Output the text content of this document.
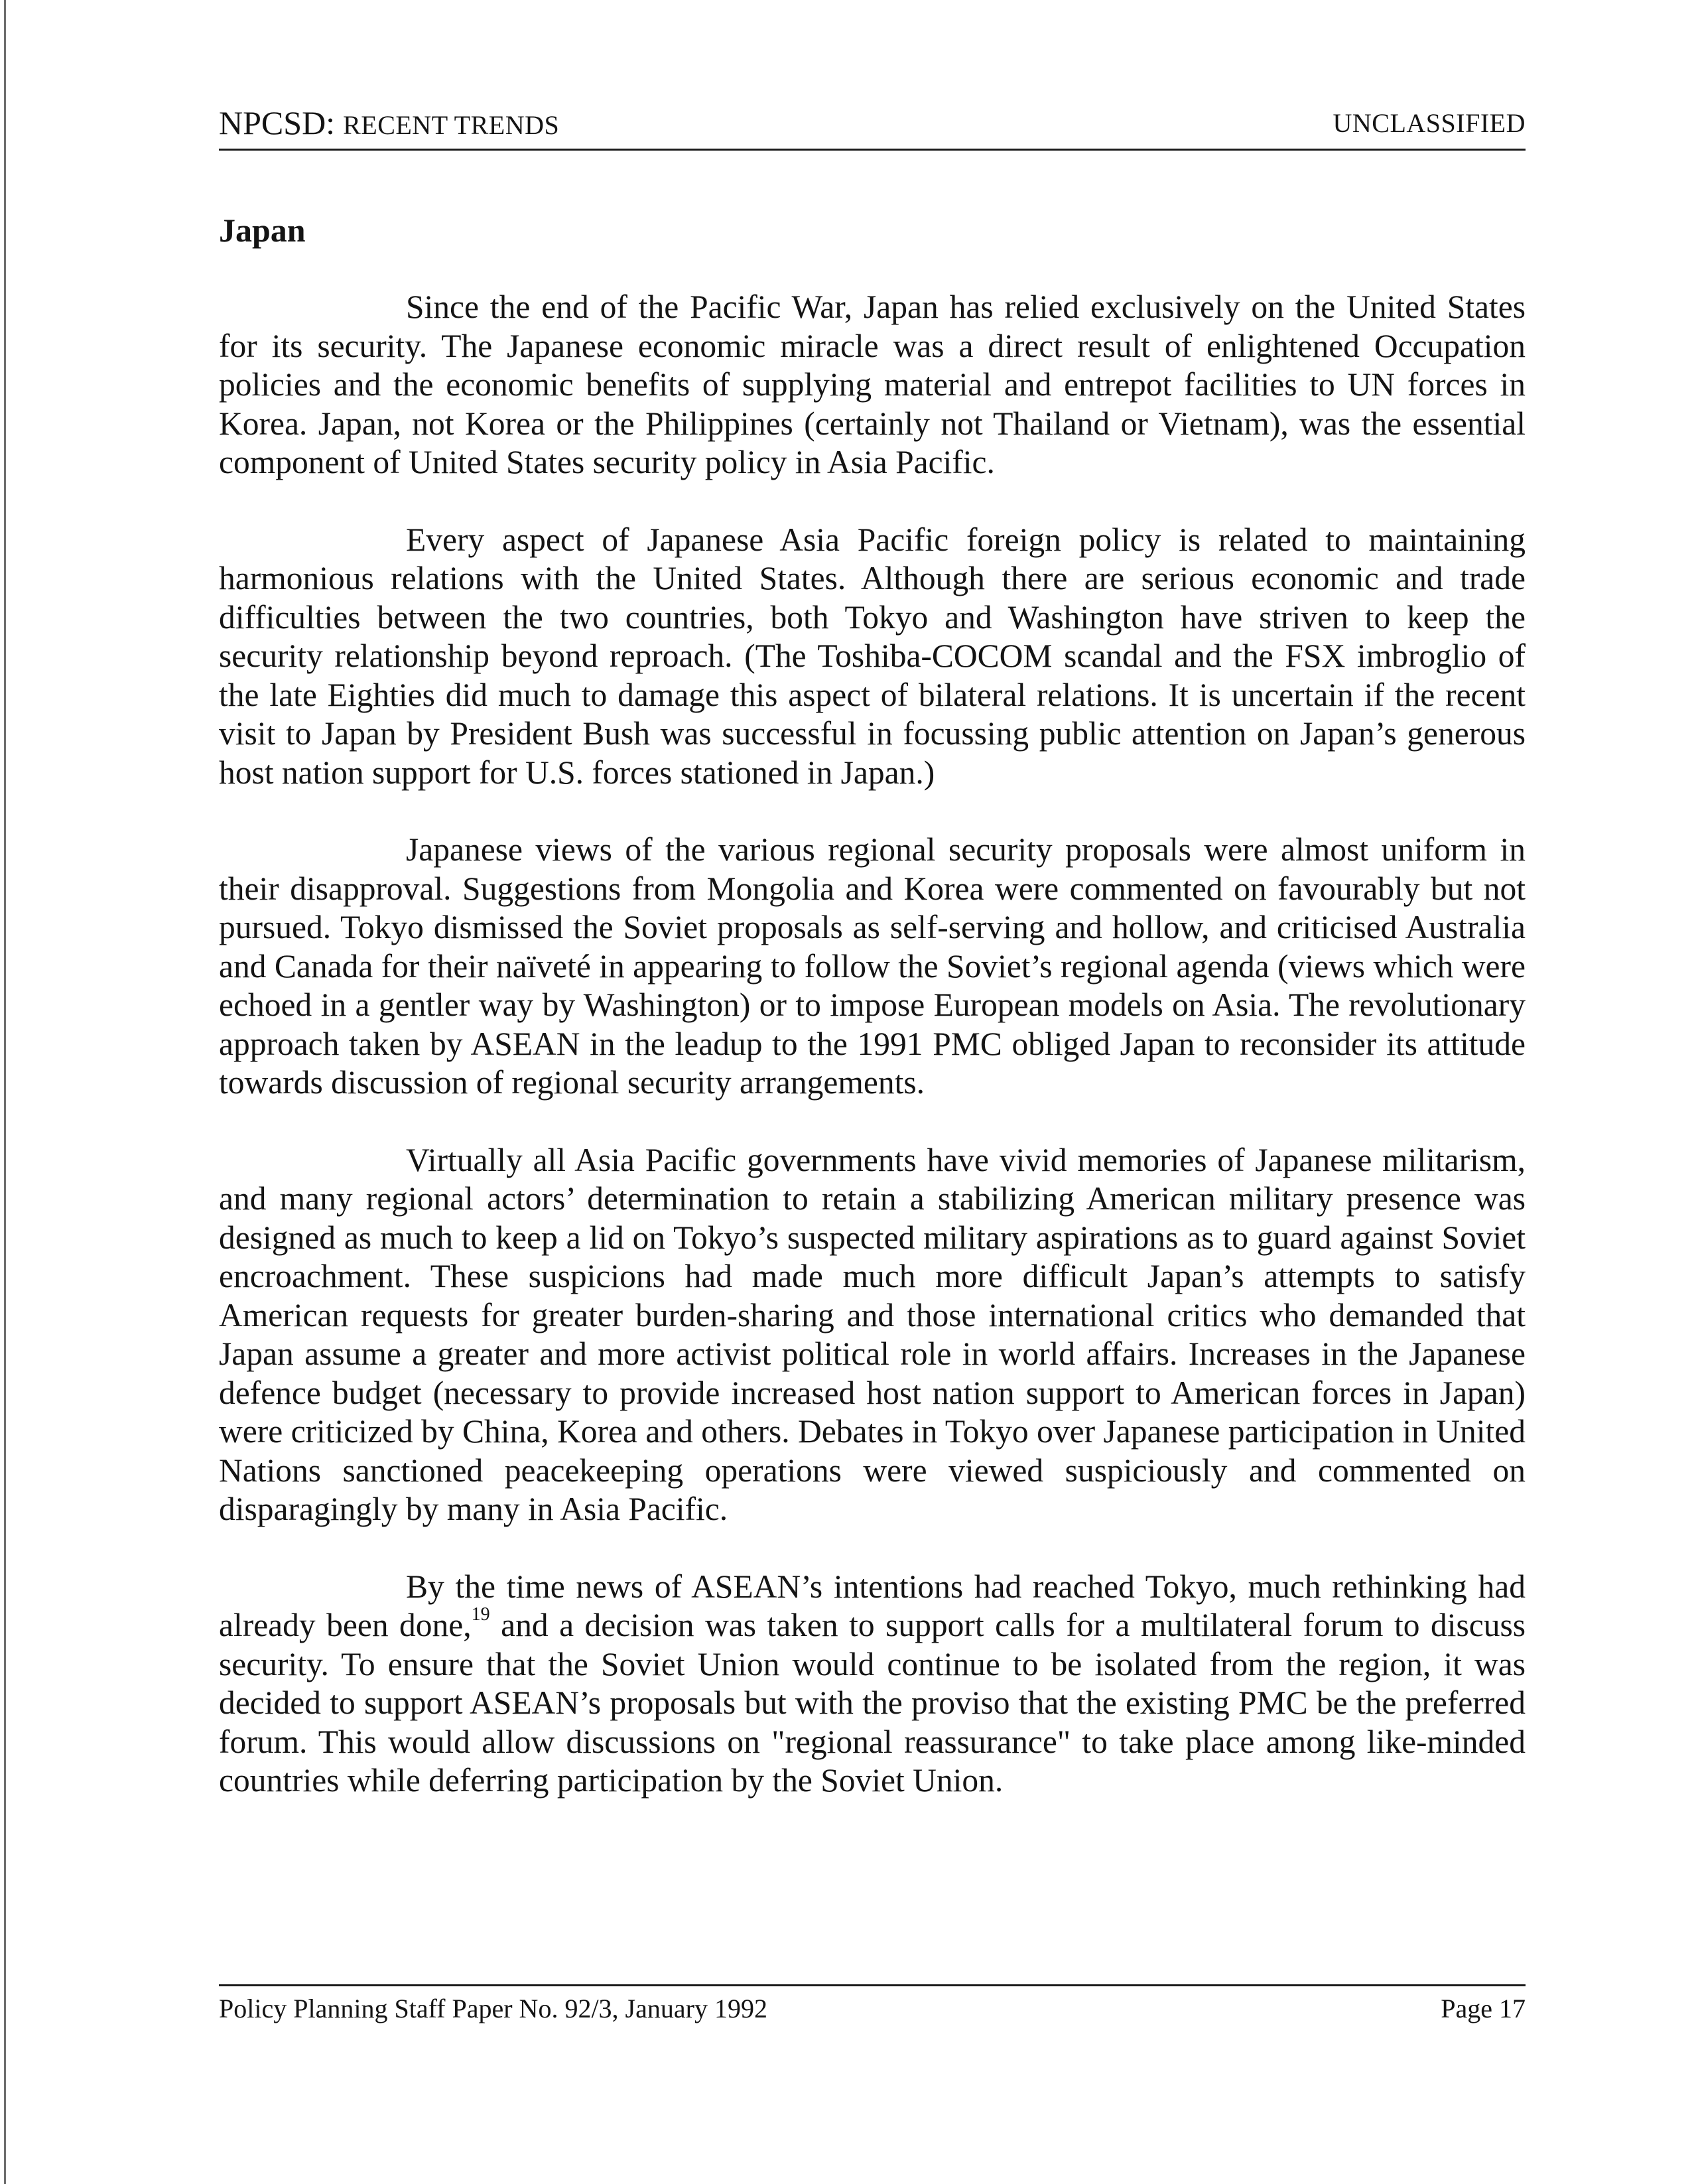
NPCSD: RECENT TRENDS	UNCLASSIFIED
Japan

Since the end of the Pacific War, Japan has relied exclusively on the United States for its security. The Japanese economic miracle was a direct result of enlightened Occupation policies and the economic benefits of supplying material and entrepot facilities to UN forces in Korea. Japan, not Korea or the Philippines (certainly not Thailand or Vietnam), was the essential component of United States security policy in Asia Pacific.

Every aspect of Japanese Asia Pacific foreign policy is related to maintaining harmonious relations with the United States. Although there are serious economic and trade difficulties between the two countries, both Tokyo and Washington have striven to keep the security relationship beyond reproach. (The Toshiba-COCOM scandal and the FSX imbroglio of the late Eighties did much to damage this aspect of bilateral relations. It is uncertain if the recent visit to Japan by President Bush was successful in focussing public attention on Japan’s generous host nation support for U.S. forces stationed in Japan.)

Japanese views of the various regional security proposals were almost uniform in their disapproval. Suggestions from Mongolia and Korea were commented on favourably but not pursued. Tokyo dismissed the Soviet proposals as self-serving and hollow, and criticised Australia and Canada for their naïveté in appearing to follow the Soviet’s regional agenda (views which were echoed in a gentler way by Washington) or to impose European models on Asia. The revolutionary approach taken by ASEAN in the leadup to the 1991 PMC obliged Japan to reconsider its attitude towards discussion of regional security arrangements.

Virtually all Asia Pacific governments have vivid memories of Japanese militarism, and many regional actors’ determination to retain a stabilizing American military presence was designed as much to keep a lid on Tokyo’s suspected military aspirations as to guard against Soviet encroachment. These suspicions had made much more difficult Japan’s attempts to satisfy American requests for greater burden-sharing and those international critics who demanded that Japan assume a greater and more activist political role in world affairs. Increases in the Japanese defence budget (necessary to provide increased host nation support to American forces in Japan) were criticized by China, Korea and others. Debates in Tokyo over Japanese participation in United Nations sanctioned peacekeeping operations were viewed suspiciously and commented on disparagingly by many in Asia Pacific.

By the time news of ASEAN’s intentions had reached Tokyo, much rethinking had already been done,$^{19}$ and a decision was taken to support calls for a multilateral forum to discuss security. To ensure that the Soviet Union would continue to be isolated from the region, it was decided to support ASEAN’s proposals but with the proviso that the existing PMC be the preferred forum. This would allow discussions on "regional reassurance" to take place among like-minded countries while deferring participation by the Soviet Union.

Policy Planning Staff Paper No. 92/3, January 1992	Page 17
